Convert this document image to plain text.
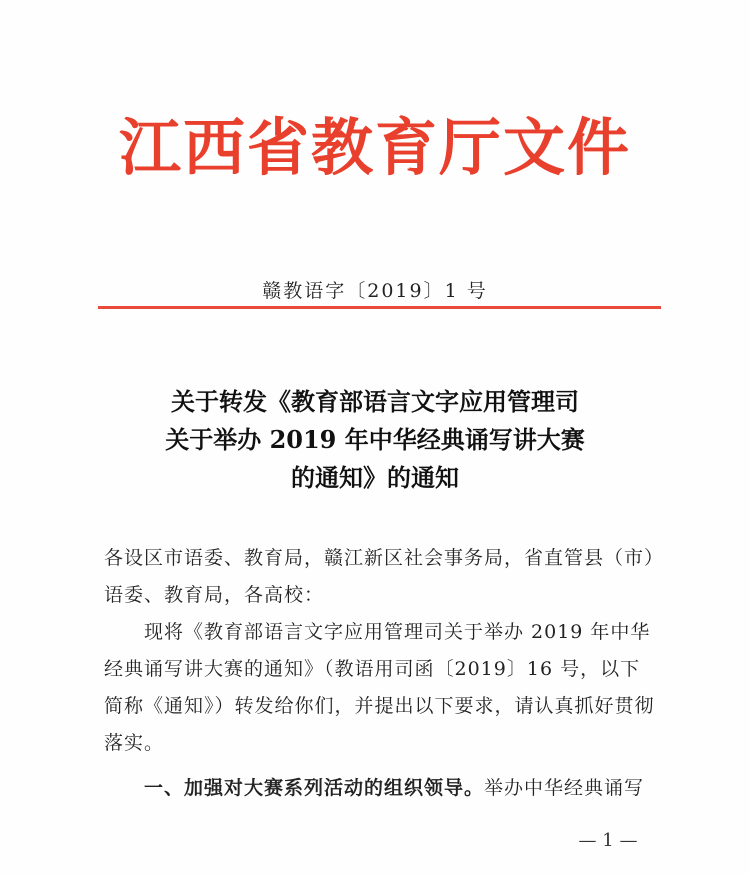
江西省教育厅文件
赣教语字〔2019〕1 号
关于转发《教育部语言文字应用管理司
关于举办 2019 年中华经典诵写讲大赛
的通知》的通知
各设区市语委、教育局，赣江新区社会事务局，省直管县（市）语委、教育局，各高校：
现将《教育部语言文字应用管理司关于举办 2019 年中华经典诵写讲大赛的通知》（教语用司函〔2019〕16 号，以下简称《通知》）转发给你们，并提出以下要求，请认真抓好贯彻落实。
一、加强对大赛系列活动的组织领导。举办中华经典诵写
— 1 —
